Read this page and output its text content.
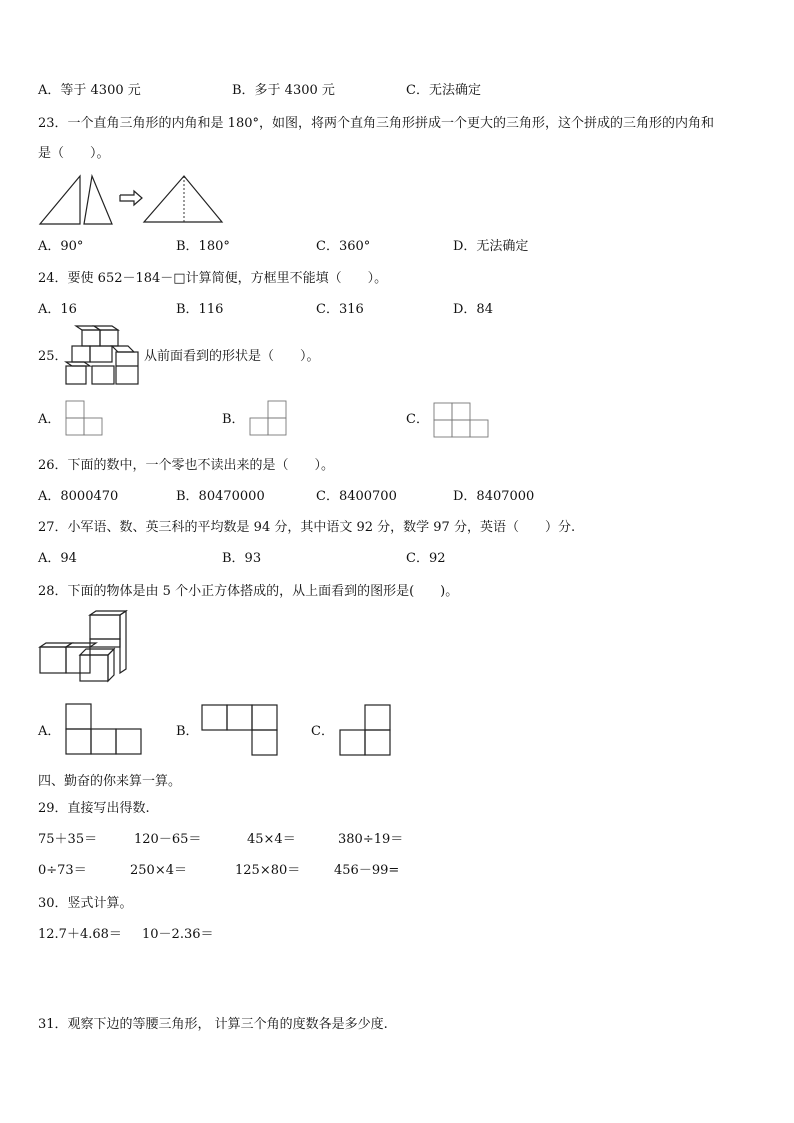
A．等于 4300 元	B．多于 4300 元	C．无法确定
23．一个直角三角形的内角和是 180°，如图，将两个直角三角形拼成一个更大的三角形，这个拼成的三角形的内角和
是（　　）。
A．90°	B．180°	C．360°	D．无法确定
24．要使 652－184－□计算简便，方框里不能填（　　）。
A．16	B．116	C．316	D．84
25．	从前面看到的形状是（　　）。
A．	B．	C．
26．下面的数中，一个零也不读出来的是（　　）。
A．8000470	B．80470000	C．8400700	D．8407000
27．小军语、数、英三科的平均数是 94 分，其中语文 92 分，数学 97 分，英语（　　）分.
A．94	B．93	C．92
28．下面的物体是由 5 个小正方体搭成的，从上面看到的图形是(　　)。
A．	B．	C．
四、勤奋的你来算一算。
29．直接写出得数.
75＋35＝	120－65＝	45×4＝	380÷19＝
0÷73＝	250×4＝	125×80＝	456－99=
30．竖式计算。
12.7＋4.68＝ 10－2.36＝
31．观察下边的等腰三角形， 计算三个角的度数各是多少度.
